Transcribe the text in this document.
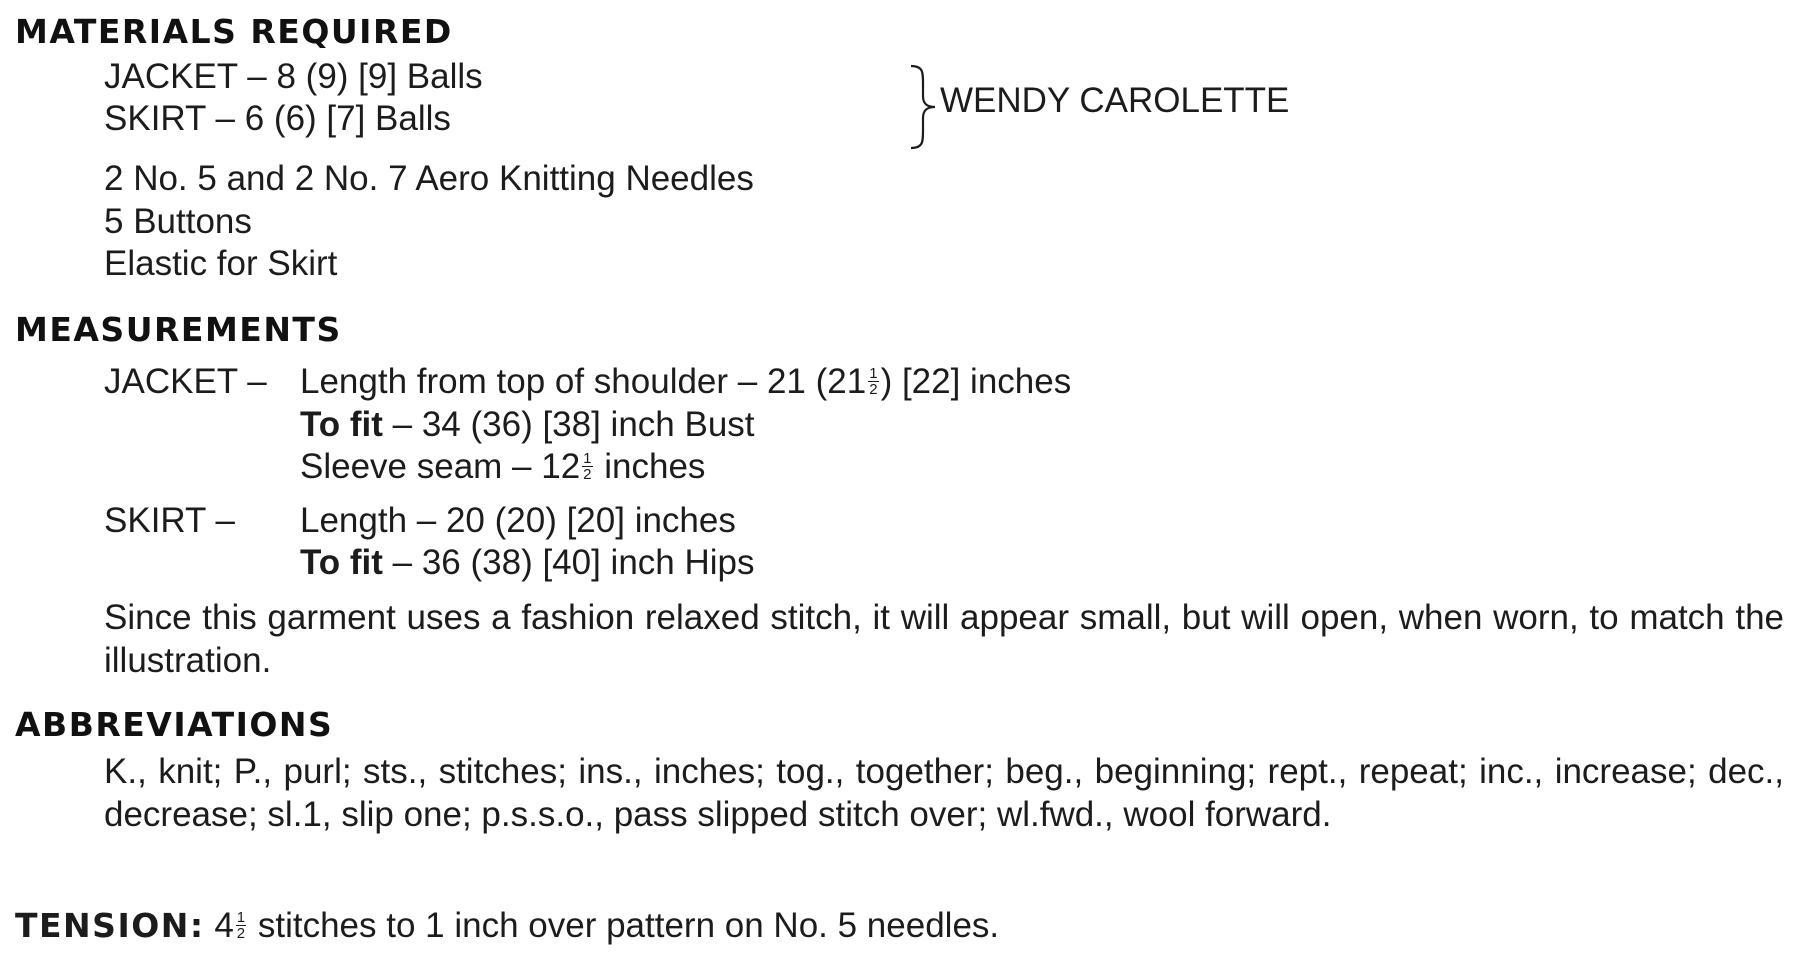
MATERIALS REQUIRED
JACKET – 8 (9) [9] Balls
SKIRT – 6 (6) [7] Balls	WENDY CAROLETTE
2 No. 5 and 2 No. 7 Aero Knitting Needles
5 Buttons
Elastic for Skirt
MEASUREMENTS
JACKET – Length from top of shoulder – 21 ($21 \frac{1}{2}$ ) [22] inches
To fit – 34 (36) [38] inch Bust
Sleeve seam – $12 \frac{1}{2}$ inches
SKIRT – Length – 20 (20) [20] inches
To fit – 36 (38) [40] inch Hips
Since this garment uses a fashion relaxed stitch, it will appear small, but will open, when worn, to match the illustration.
ABBREVIATIONS
K., knit; P., purl; sts., stitches; ins., inches; tog., together; beg., beginning; rept., repeat; inc., increase; dec., decrease; sl.1, slip one; p.s.s.o., pass slipped stitch over; wl.fwd., wool forward.
TENSION: $4 \frac{1}{2}$ stitches to 1 inch over pattern on No. 5 needles.
